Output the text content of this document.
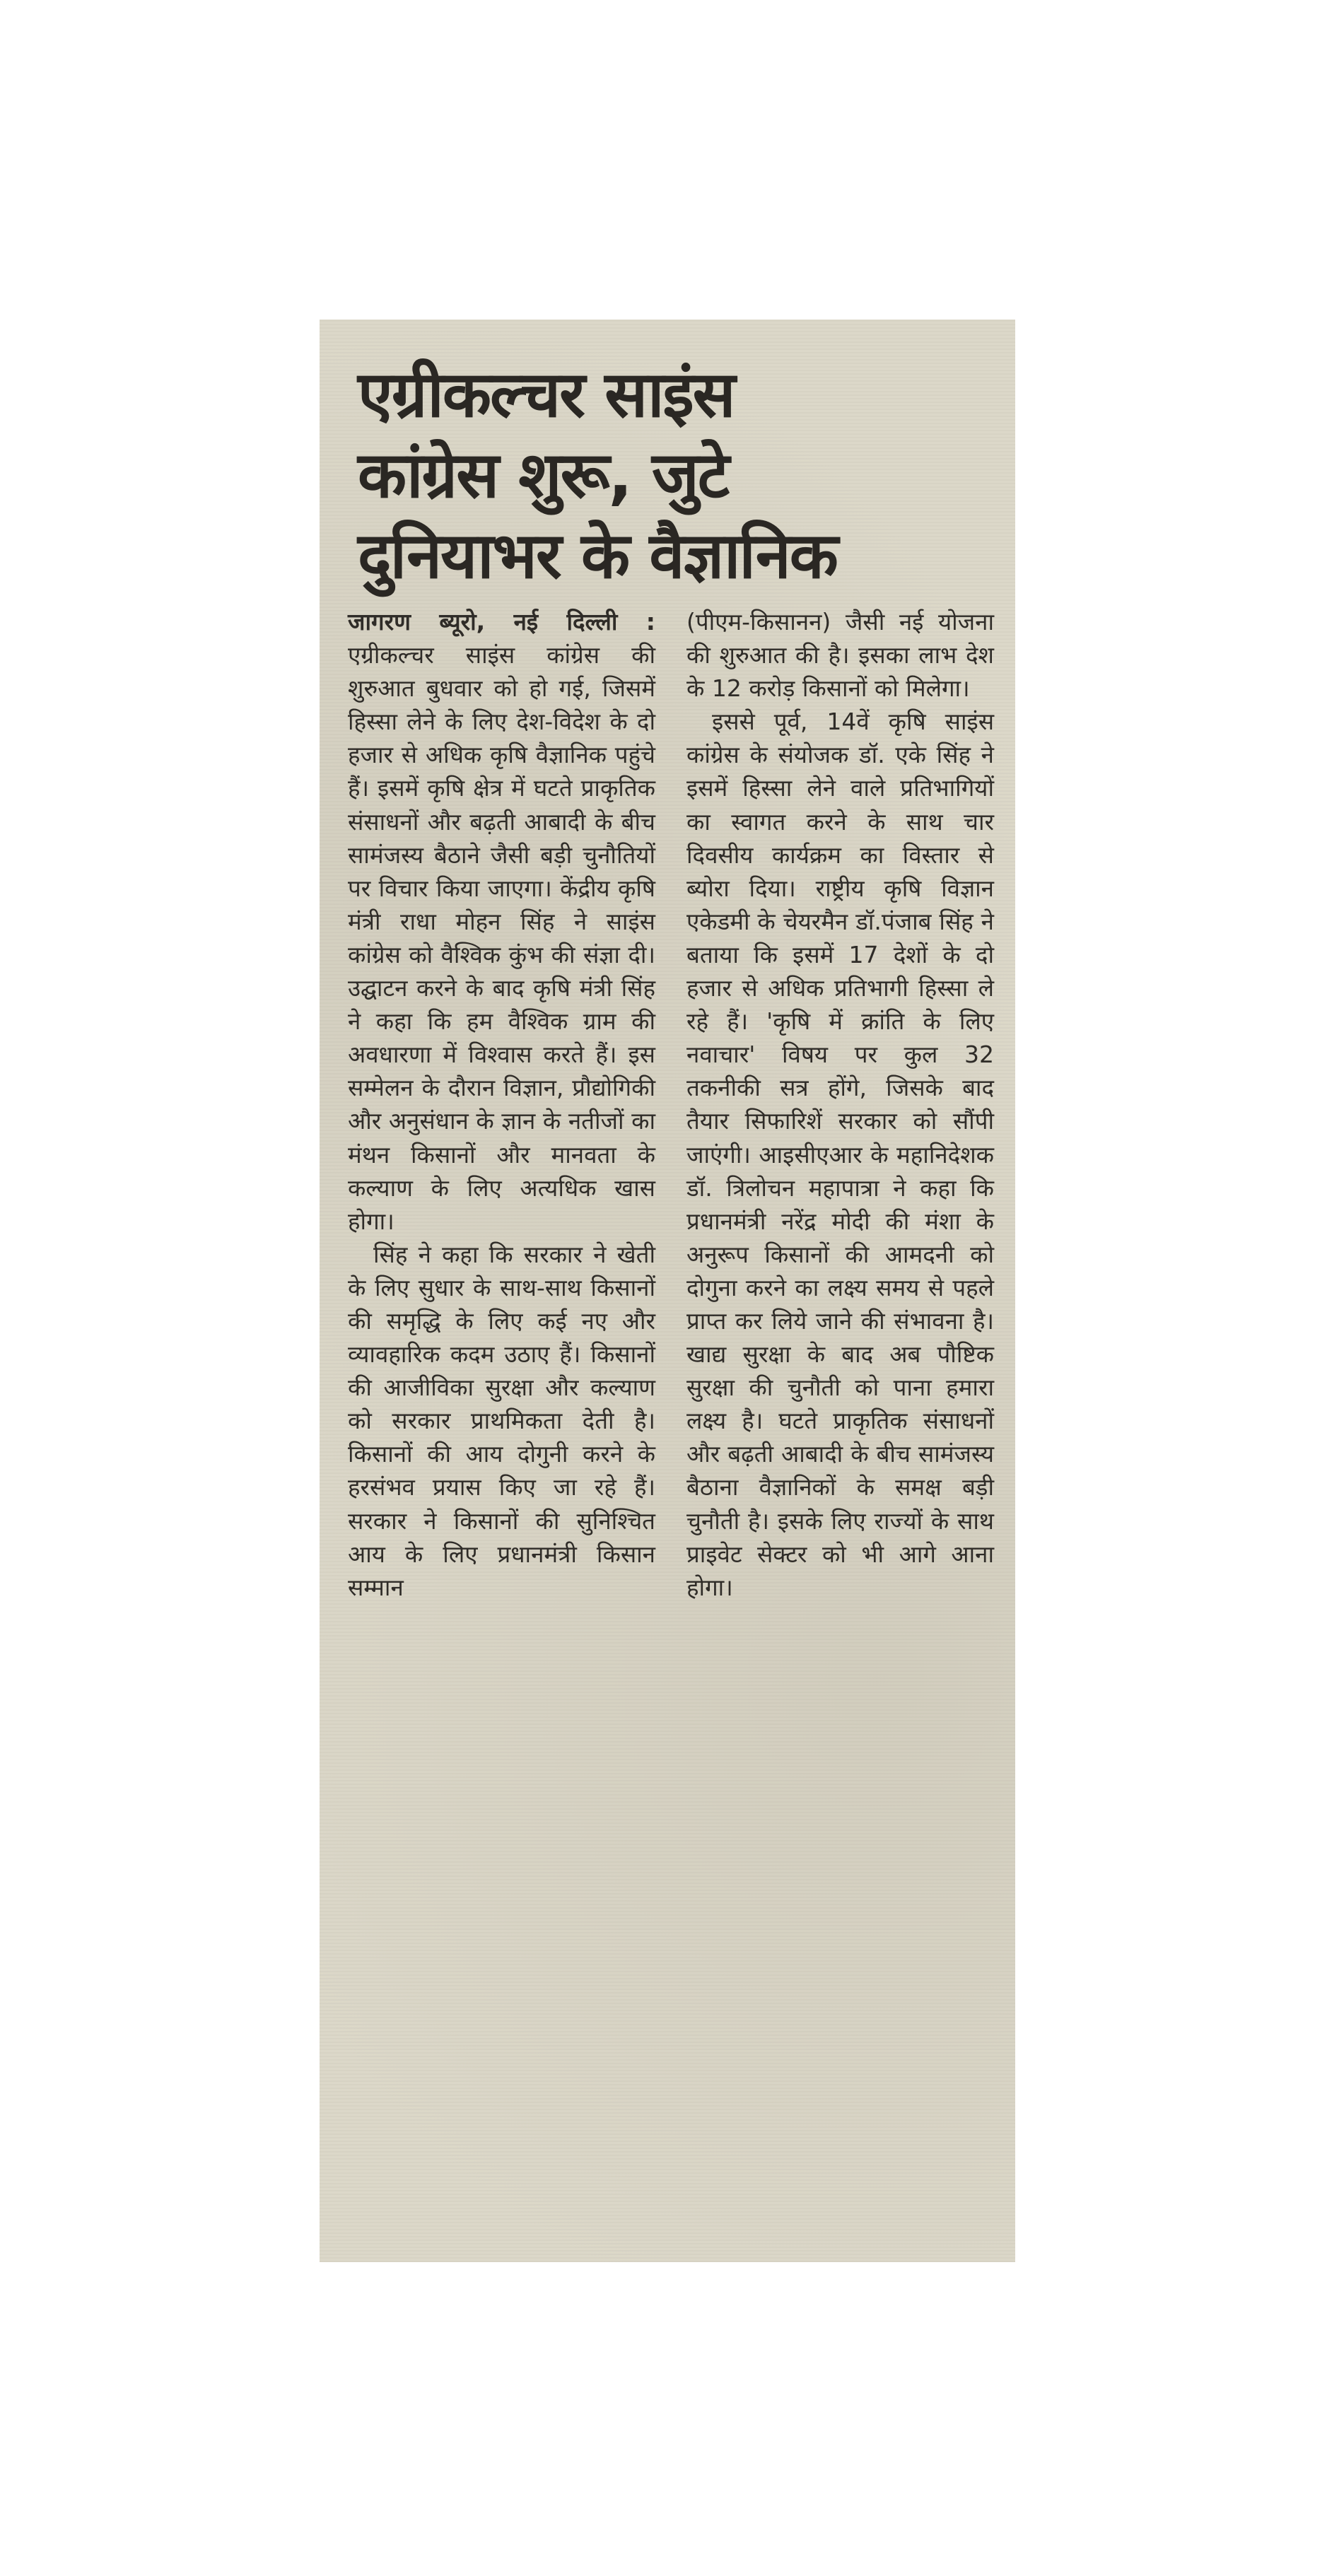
एग्रीकल्चर साइंस
कांग्रेस शुरू, जुटे
दुनियाभर के वैज्ञानिक

जागरण ब्यूरो, नई दिल्ली : एग्रीकल्चर साइंस कांग्रेस की शुरुआत बुधवार को हो गई, जिसमें हिस्सा लेने के लिए देश-विदेश के दो हजार से अधिक कृषि वैज्ञानिक पहुंचे हैं। इसमें कृषि क्षेत्र में घटते प्राकृतिक संसाधनों और बढ़ती आबादी के बीच सामंजस्य बैठाने जैसी बड़ी चुनौतियों पर विचार किया जाएगा। केंद्रीय कृषि मंत्री राधा मोहन सिंह ने साइंस कांग्रेस को वैश्विक कुंभ की संज्ञा दी। उद्घाटन करने के बाद कृषि मंत्री सिंह ने कहा कि हम वैश्विक ग्राम की अवधारणा में विश्वास करते हैं। इस सम्मेलन के दौरान विज्ञान, प्रौद्योगिकी और अनुसंधान के ज्ञान के नतीजों का मंथन किसानों और मानवता के कल्याण के लिए अत्यधिक खास होगा।

सिंह ने कहा कि सरकार ने खेती के लिए सुधार के साथ-साथ किसानों की समृद्धि के लिए कई नए और व्यावहारिक कदम उठाए हैं। किसानों की आजीविका सुरक्षा और कल्याण को सरकार प्राथमिकता देती है। किसानों की आय दोगुनी करने के हरसंभव प्रयास किए जा रहे हैं। सरकार ने किसानों की सुनिश्चित आय के लिए प्रधानमंत्री किसान सम्मान

(पीएम-किसानन) जैसी नई योजना की शुरुआत की है। इसका लाभ देश के 12 करोड़ किसानों को मिलेगा।

इससे पूर्व, 14वें कृषि साइंस कांग्रेस के संयोजक डॉ. एके सिंह ने इसमें हिस्सा लेने वाले प्रतिभागियों का स्वागत करने के साथ चार दिवसीय कार्यक्रम का विस्तार से ब्योरा दिया। राष्ट्रीय कृषि विज्ञान एकेडमी के चेयरमैन डॉ.पंजाब सिंह ने बताया कि इसमें 17 देशों के दो हजार से अधिक प्रतिभागी हिस्सा ले रहे हैं। 'कृषि में क्रांति के लिए नवाचार' विषय पर कुल 32 तकनीकी सत्र होंगे, जिसके बाद तैयार सिफारिशें सरकार को सौंपी जाएंगी। आइसीएआर के महानिदेशक डॉ. त्रिलोचन महापात्रा ने कहा कि प्रधानमंत्री नरेंद्र मोदी की मंशा के अनुरूप किसानों की आमदनी को दोगुना करने का लक्ष्य समय से पहले प्राप्त कर लिये जाने की संभावना है। खाद्य सुरक्षा के बाद अब पौष्टिक सुरक्षा की चुनौती को पाना हमारा लक्ष्य है। घटते प्राकृतिक संसाधनों और बढ़ती आबादी के बीच सामंजस्य बैठाना वैज्ञानिकों के समक्ष बड़ी चुनौती है। इसके लिए राज्यों के साथ प्राइवेट सेक्टर को भी आगे आना होगा।
